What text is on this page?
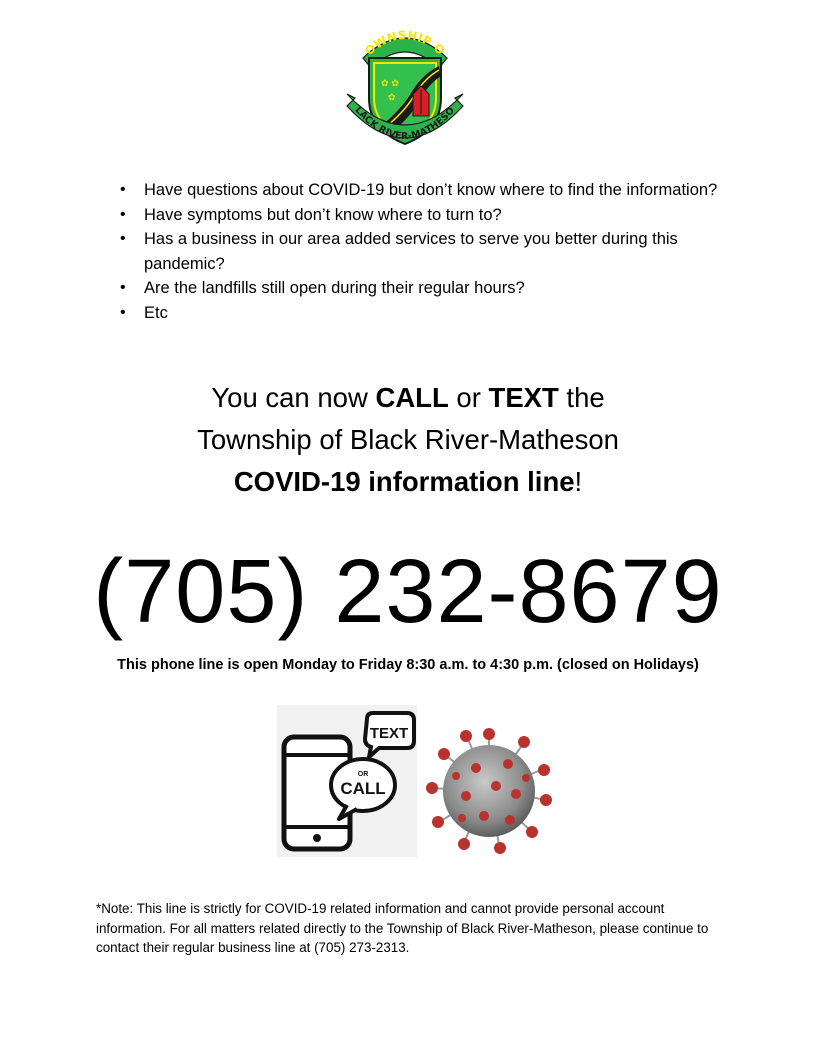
✿ ✿
✿
OWNSHIP O
LACK RIVER-MATHESO
• Have questions about COVID-19 but don’t know where to find the information?
• Have symptoms but don’t know where to turn to?
• Has a business in our area added services to serve you better during this pandemic?
• Are the landfills still open during their regular hours?
• Etc
You can now CALL or TEXT the
Township of Black River-Matheson
COVID-19 information line!
(705) 232-8679
This phone line is open Monday to Friday 8:30 a.m. to 4:30 p.m. (closed on Holidays)
TEXT
OR
CALL
*Note: This line is strictly for COVID-19 related information and cannot provide personal account information. For all matters related directly to the Township of Black River-Matheson, please continue to contact their regular business line at (705) 273-2313.
